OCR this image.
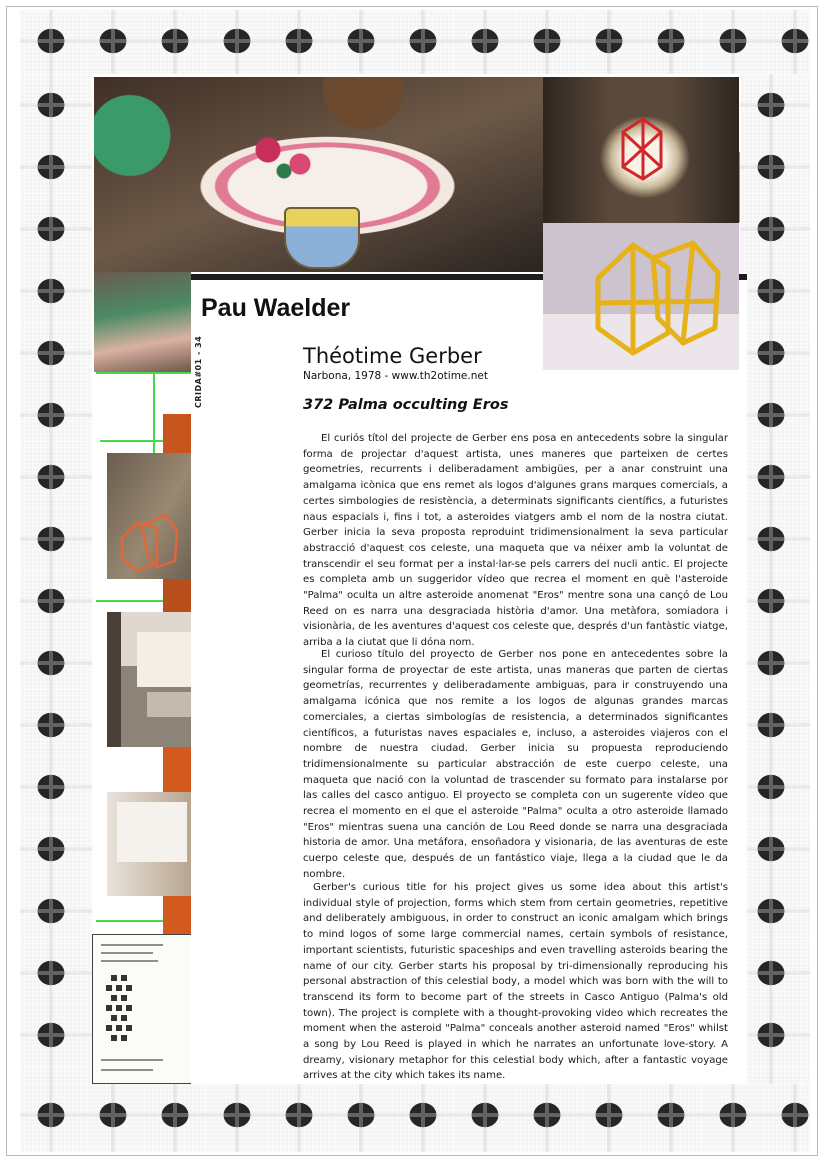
Pau Waelder
CRIDA#01 - 34	Théotime Gerber
Narbona, 1978 - www.th2otime.net
372 Palma occulting Eros

El curiós títol del projecte de Gerber ens posa en antecedents sobre la singular forma de projectar d'aquest artista, unes maneres que parteixen de certes geometries, recurrents i deliberadament ambigües, per a anar construint una amalgama icònica que ens remet als logos d'algunes grans marques comercials, a certes simbologies de resistència, a determinats significants científics, a futuristes naus espacials i, fins i tot, a asteroides viatgers amb el nom de la nostra ciutat. Gerber inicia la seva proposta reproduint tridimensionalment la seva particular abstracció d'aquest cos celeste, una maqueta que va néixer amb la voluntat de transcendir el seu format per a instal·lar-se pels carrers del nucli antic. El projecte es completa amb un suggeridor vídeo que recrea el moment en què l'asteroide "Palma" oculta un altre asteroide anomenat "Eros" mentre sona una cançó de Lou Reed on es narra una desgraciada història d'amor. Una metàfora, somiadora i visionària, de les aventures d'aquest cos celeste que, després d'un fantàstic viatge, arriba a la ciutat que li dóna nom.

El curioso título del proyecto de Gerber nos pone en antecedentes sobre la singular forma de proyectar de este artista, unas maneras que parten de ciertas geometrías, recurrentes y deliberadamente ambiguas, para ir construyendo una amalgama icónica que nos remite a los logos de algunas grandes marcas comerciales, a ciertas simbologías de resistencia, a determinados significantes científicos, a futuristas naves espaciales e, incluso, a asteroides viajeros con el nombre de nuestra ciudad. Gerber inicia su propuesta reproduciendo tridimensionalmente su particular abstracción de este cuerpo celeste, una maqueta que nació con la voluntad de trascender su formato para instalarse por las calles del casco antiguo. El proyecto se completa con un sugerente vídeo que recrea el momento en el que el asteroide "Palma" oculta a otro asteroide llamado "Eros" mientras suena una canción de Lou Reed donde se narra una desgraciada historia de amor. Una metáfora, ensoñadora y visionaria, de las aventuras de este cuerpo celeste que, después de un fantástico viaje, llega a la ciudad que le da nombre.

Gerber's curious title for his project gives us some idea about this artist's individual style of projection, forms which stem from certain geometries, repetitive and deliberately ambiguous, in order to construct an iconic amalgam which brings to mind logos of some large commercial names, certain symbols of resistance, important scientists, futuristic spaceships and even travelling asteroids bearing the name of our city. Gerber starts his proposal by tri-dimensionally reproducing his personal abstraction of this celestial body, a model which was born with the will to transcend its form to become part of the streets in Casco Antiguo (Palma's old town). The project is complete with a thought-provoking video which recreates the moment when the asteroid "Palma" conceals another asteroid named "Eros" whilst a song by Lou Reed is played in which he narrates an unfortunate love-story. A dreamy, visionary metaphor for this celestial body which, after a fantastic voyage arrives at the city which takes its name.
